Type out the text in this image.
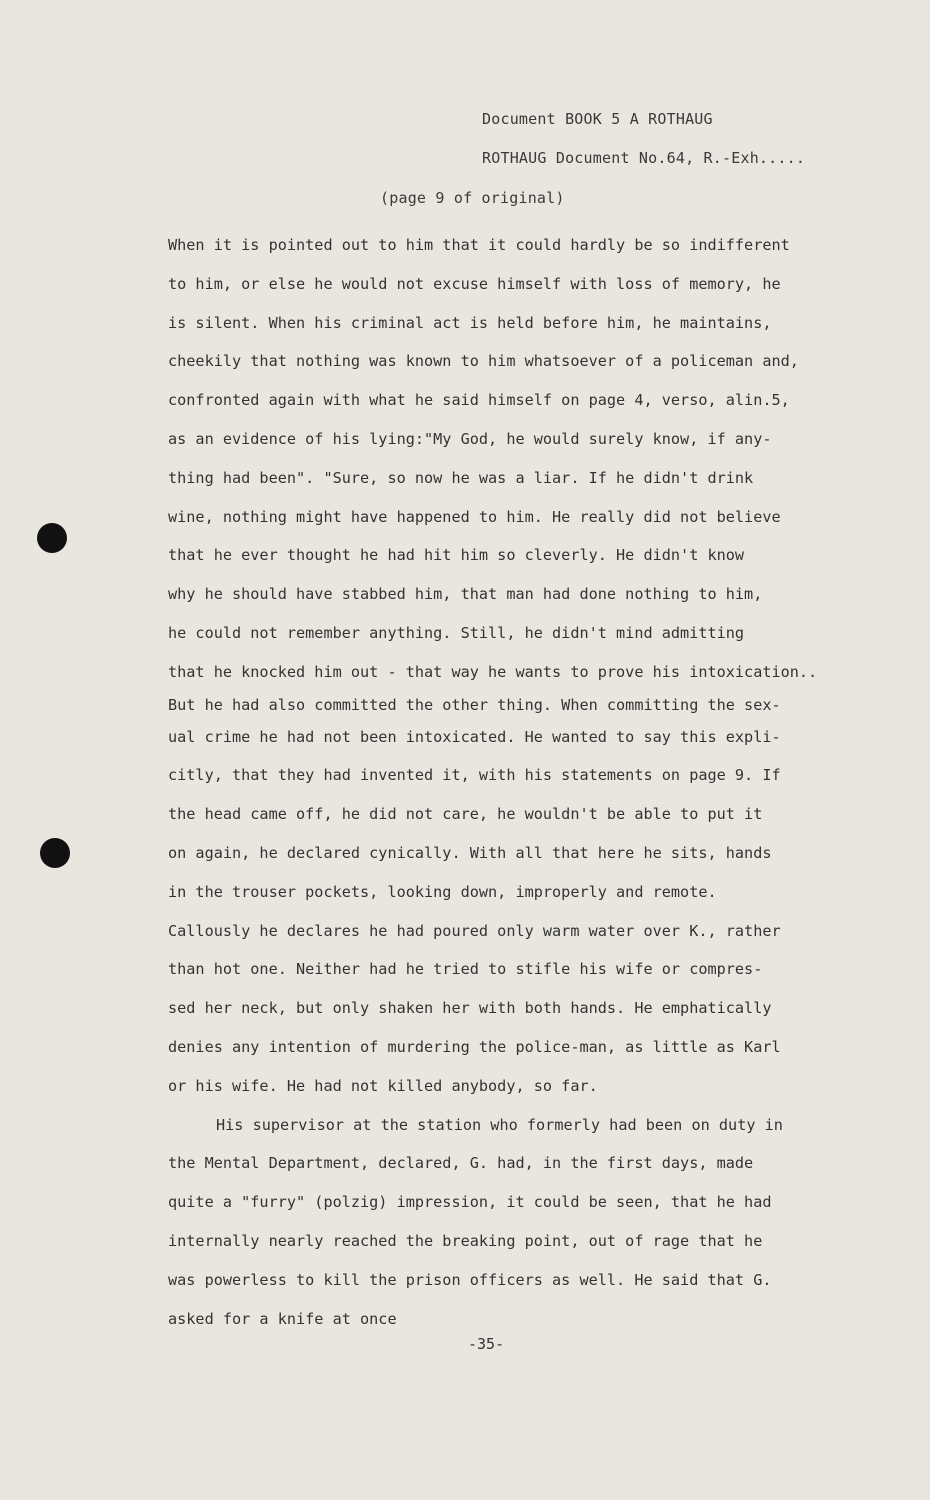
Document BOOK 5 A ROTHAUG
ROTHAUG Document No.64, R.-Exh.....
(page 9 of original)
When it is pointed out to him that it could hardly be so indifferent
to him, or else he would not excuse himself with loss of memory, he
is silent. When his criminal act is held before him, he maintains,
cheekily that nothing was known to him whatsoever of a policeman and,
confronted again with what he said himself on page 4, verso, alin.5,
as an evidence of his lying:"My God, he would surely know, if any-
thing had been". "Sure, so now he was a liar. If he didn't drink
wine, nothing might have happened to him. He really did not believe
that he ever thought he had hit him so cleverly. He didn't know
why he should have stabbed him, that man had done nothing to him,
he could not remember anything. Still, he didn't mind admitting
that he knocked him out - that way he wants to prove his intoxication..
But he had also committed the other thing. When committing the sex-
ual crime he had not been intoxicated. He wanted to say this expli-
citly, that they had invented it, with his statements on page 9. If
the head came off, he did not care, he wouldn't be able to put it
on again, he declared cynically. With all that here he sits, hands
in the trouser pockets, looking down, improperly and remote.
Callously he declares he had poured only warm water over K., rather
than hot one. Neither had he tried to stifle his wife or compres-
sed her neck, but only shaken her with both hands. He emphatically
denies any intention of murdering the police-man, as little as Karl
or his wife. He had not killed anybody, so far.
His supervisor at the station who formerly had been on duty in
the Mental Department, declared, G. had, in the first days, made
quite a "furry" (polzig) impression, it could be seen, that he had
internally nearly reached the breaking point, out of rage that he
was powerless to kill the prison officers as well. He said that G.
asked for a knife at once
-35-
